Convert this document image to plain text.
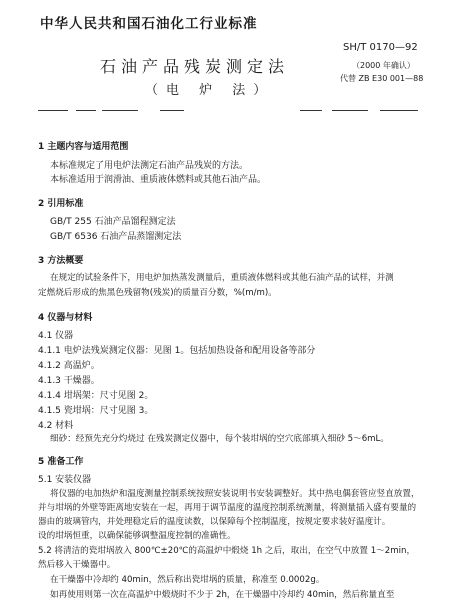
中华人民共和国石油化工行业标准
SH/T 0170—92
石油产品残炭测定法
（电 炉 法）
（2000 年确认）
代替 ZB E30 001—88
1 主题内容与适用范围
本标准规定了用电炉法测定石油产品残炭的方法。
本标准适用于润滑油、重质液体燃料或其他石油产品。
2 引用标准
GB/T 255 石油产品馏程测定法
GB/T 6536 石油产品蒸馏测定法
3 方法概要
在规定的试验条件下，用电炉加热蒸发测量后，重质液体燃料或其他石油产品的试样，并测
定燃烧后形成的焦黑色残留物(残炭)的质量百分数，%(m/m)。
4 仪器与材料
4.1 仪器
4.1.1 电炉法残炭测定仪器：见图 1。包括加热设备和配用设备等部分
4.1.2 高温炉。
4.1.3 干燥器。
4.1.4 坩埚架：尺寸见图 2。
4.1.5 瓷坩埚：尺寸见图 3。
4.2 材料
细砂：经预先充分灼烧过 在残炭测定仪器中，每个装坩埚的空穴底部填入细砂 5～6mL。
5 准备工作
5.1 安装仪器
将仪器的电加热炉和温度测量控制系统按照安装说明书安装调整好。其中热电偶套管应竖直放置，
并与坩埚的外壁等距离地安装在一起，再用于调节温度的温度控制系统测量，将测量插入盛有要量的
器由的玻璃管内，并处理稳定后的温度读数，以保障每个控制温度，按规定要求装好温度计。
设的坩埚恒重，以确保能够调整温度控制的准确性。
5.2 将清洁的瓷坩埚放入 800℃±20℃的高温炉中煅烧 1h 之后，取出，在空气中放置 1～2min，
然后移入干燥器中。
在干燥器中冷却约 40min，然后称出瓷坩埚的质量，称准至 0.0002g。
如再使用则第一次在高温炉中煅烧时不少于 2h，在干燥器中冷却约 40min，然后称量直至
